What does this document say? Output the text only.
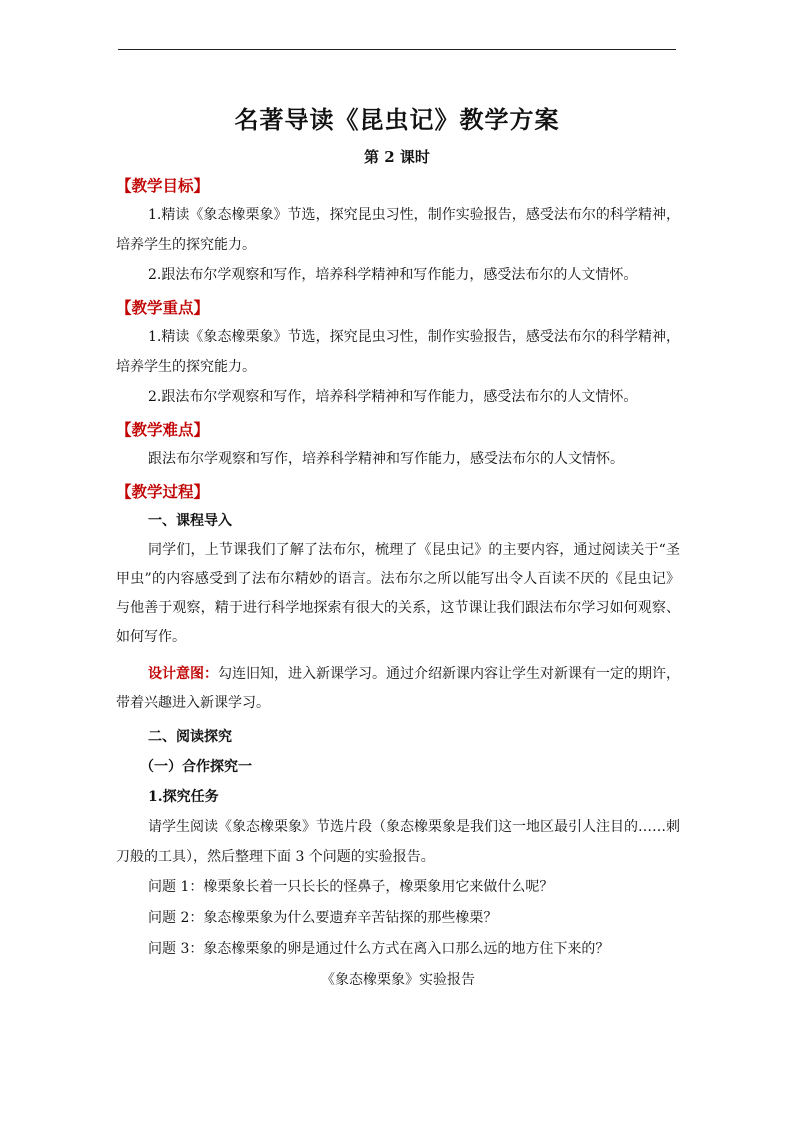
名著导读《昆虫记》教学方案
第 2 课时
【教学目标】

1.精读《象态橡栗象》节选，探究昆虫习性，制作实验报告，感受法布尔的科学精神，培养学生的探究能力。

2.跟法布尔学观察和写作，培养科学精神和写作能力，感受法布尔的人文情怀。

【教学重点】

1.精读《象态橡栗象》节选，探究昆虫习性，制作实验报告，感受法布尔的科学精神，培养学生的探究能力。

2.跟法布尔学观察和写作，培养科学精神和写作能力，感受法布尔的人文情怀。

【教学难点】

跟法布尔学观察和写作，培养科学精神和写作能力，感受法布尔的人文情怀。

【教学过程】
一、课程导入

同学们，上节课我们了解了法布尔，梳理了《昆虫记》的主要内容，通过阅读关于“圣甲虫”的内容感受到了法布尔精妙的语言。法布尔之所以能写出令人百读不厌的《昆虫记》与他善于观察，精于进行科学地探索有很大的关系，这节课让我们跟法布尔学习如何观察、如何写作。

设计意图：勾连旧知，进入新课学习。通过介绍新课内容让学生对新课有一定的期许，带着兴趣进入新课学习。

二、阅读探究
（一）合作探究一
1.探究任务

请学生阅读《象态橡栗象》节选片段（象态橡栗象是我们这一地区最引人注目的……刺刀般的工具），然后整理下面 3 个问题的实验报告。

问题 1：橡栗象长着一只长长的怪鼻子，橡栗象用它来做什么呢？

问题 2：象态橡栗象为什么要遗弃辛苦钻探的那些橡栗？

问题 3：象态橡栗象的卵是通过什么方式在离入口那么远的地方住下来的？

《象态橡栗象》实验报告
